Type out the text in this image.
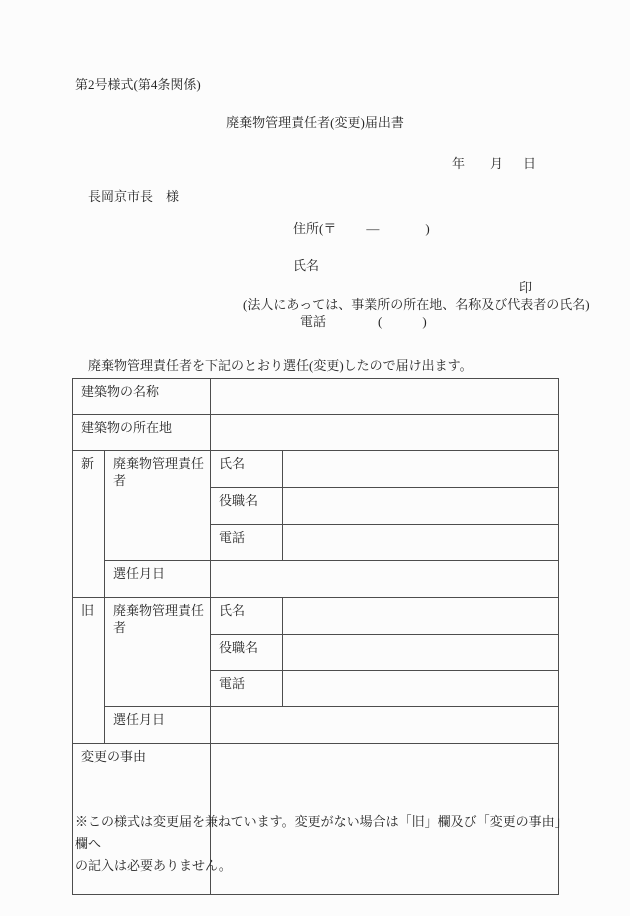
第2号様式(第4条関係)
廃棄物管理責任者(変更)届出書
年 月 日
長岡京市長　様
住所(〒 ―	)
氏名
印
(法人にあっては、事業所の所在地、名称及び代表者の氏名)
電話	(	)
　廃棄物管理責任者を下記のとおり選任(変更)したので届け出ます。
建築物の名称			
建築物の所在地			
新	廃棄物管理責任者	氏名	
		役職名	
		電話	
	選任月日		
旧	廃棄物管理責任者	氏名	
		役職名	
		電話	
	選任月日		
変更の事由			
※この様式は変更届を兼ねています。変更がない場合は「旧」欄及び「変更の事由」欄へ
の記入は必要ありません。
